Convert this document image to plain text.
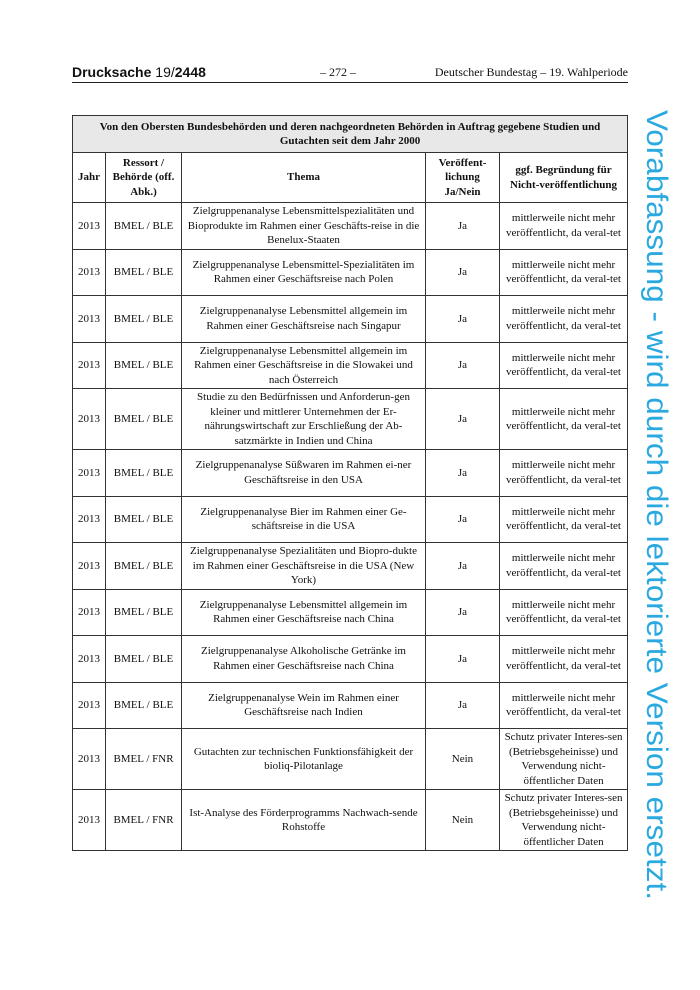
Drucksache 19/2448	– 272 –	Deutscher Bundestag – 19. Wahlperiode
Von den Obersten Bundesbehörden und deren nachgeordneten Behörden in Auftrag gegebene Studien und Gutachten seit dem Jahr 2000				
Jahr	Ressort / Behörde (off. Abk.)	Thema	Veröffent-lichung Ja/Nein	ggf. Begründung für Nicht-veröffentlichung
2013	BMEL / BLE	Zielgruppenanalyse Lebensmittelspezialitäten und Bioprodukte im Rahmen einer Geschäfts-reise in die Benelux-Staaten	Ja	mittlerweile nicht mehr veröffentlicht, da veral-tet
2013	BMEL / BLE	Zielgruppenanalyse Lebensmittel-Spezialitäten im Rahmen einer Geschäftsreise nach Polen	Ja	mittlerweile nicht mehr veröffentlicht, da veral-tet
2013	BMEL / BLE	Zielgruppenanalyse Lebensmittel allgemein im Rahmen einer Geschäftsreise nach Singapur	Ja	mittlerweile nicht mehr veröffentlicht, da veral-tet
2013	BMEL / BLE	Zielgruppenanalyse Lebensmittel allgemein im Rahmen einer Geschäftsreise in die Slowakei und nach Österreich	Ja	mittlerweile nicht mehr veröffentlicht, da veral-tet
2013	BMEL / BLE	Studie zu den Bedürfnissen und Anforderun-gen kleiner und mittlerer Unternehmen der Er-nährungswirtschaft zur Erschließung der Ab-satzmärkte in Indien und China	Ja	mittlerweile nicht mehr veröffentlicht, da veral-tet
2013	BMEL / BLE	Zielgruppenanalyse Süßwaren im Rahmen ei-ner Geschäftsreise in den USA	Ja	mittlerweile nicht mehr veröffentlicht, da veral-tet
2013	BMEL / BLE	Zielgruppenanalyse Bier im Rahmen einer Ge-schäftsreise in die USA	Ja	mittlerweile nicht mehr veröffentlicht, da veral-tet
2013	BMEL / BLE	Zielgruppenanalyse Spezialitäten und Biopro-dukte im Rahmen einer Geschäftsreise in die USA (New York)	Ja	mittlerweile nicht mehr veröffentlicht, da veral-tet
2013	BMEL / BLE	Zielgruppenanalyse Lebensmittel allgemein im Rahmen einer Geschäftsreise nach China	Ja	mittlerweile nicht mehr veröffentlicht, da veral-tet
2013	BMEL / BLE	Zielgruppenanalyse Alkoholische Getränke im Rahmen einer Geschäftsreise nach China	Ja	mittlerweile nicht mehr veröffentlicht, da veral-tet
2013	BMEL / BLE	Zielgruppenanalyse Wein im Rahmen einer Geschäftsreise nach Indien	Ja	mittlerweile nicht mehr veröffentlicht, da veral-tet
2013	BMEL / FNR	Gutachten zur technischen Funktionsfähigkeit der bioliq-Pilotanlage	Nein	Schutz privater Interes-sen (Betriebsgeheinisse) und Verwendung nicht-öffentlicher Daten
2013	BMEL / FNR	Ist-Analyse des Förderprogramms Nachwach-sende Rohstoffe	Nein	Schutz privater Interes-sen (Betriebsgeheinisse) und Verwendung nicht-öffentlicher Daten Vorabfassung - wird durch die lektorierte Version ersetzt.
